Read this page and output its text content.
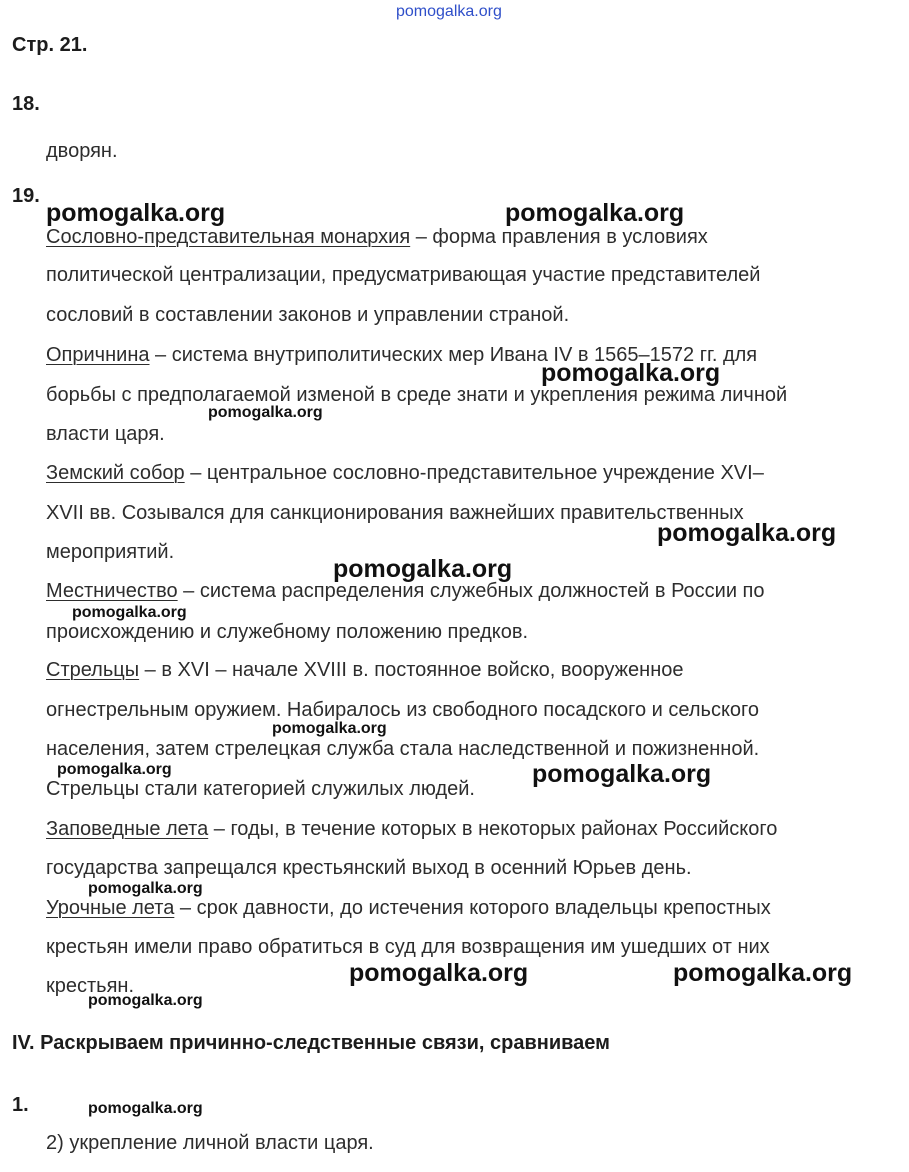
pomogalka.org
Стр. 21.
18.
дворян.
19.
Сословно-представительная монархия – форма правления в условиях
политической централизации, предусматривающая участие представителей
сословий в составлении законов и управлении страной.
Опричнина – система внутриполитических мер Ивана IV в 1565–1572 гг. для
борьбы с предполагаемой изменой в среде знати и укрепления режима личной
власти царя.
Земский собор – центральное сословно-представительное учреждение XVI–
XVII вв. Созывался для санкционирования важнейших правительственных
мероприятий.
Местничество – система распределения служебных должностей в России по
происхождению и служебному положению предков.
Стрельцы – в XVI – начале XVIII в. постоянное войско, вооруженное
огнестрельным оружием. Набиралось из свободного посадского и сельского
населения, затем стрелецкая служба стала наследственной и пожизненной.
Стрельцы стали категорией служилых людей.
Заповедные лета – годы, в течение которых в некоторых районах Российского
государства запрещался крестьянский выход в осенний Юрьев день.
Урочные лета – срок давности, до истечения которого владельцы крепостных
крестьян имели право обратиться в суд для возвращения им ушедших от них
крестьян.
IV. Раскрываем причинно-следственные связи, сравниваем
1.
2) укрепление личной власти царя.
pomogalka.org	pomogalka.org
pomogalka.org
pomogalka.org
pomogalka.org
pomogalka.org
pomogalka.org
pomogalka.org
pomogalka.org	pomogalka.org
pomogalka.org
pomogalka.org	pomogalka.org
pomogalka.org
pomogalka.org
